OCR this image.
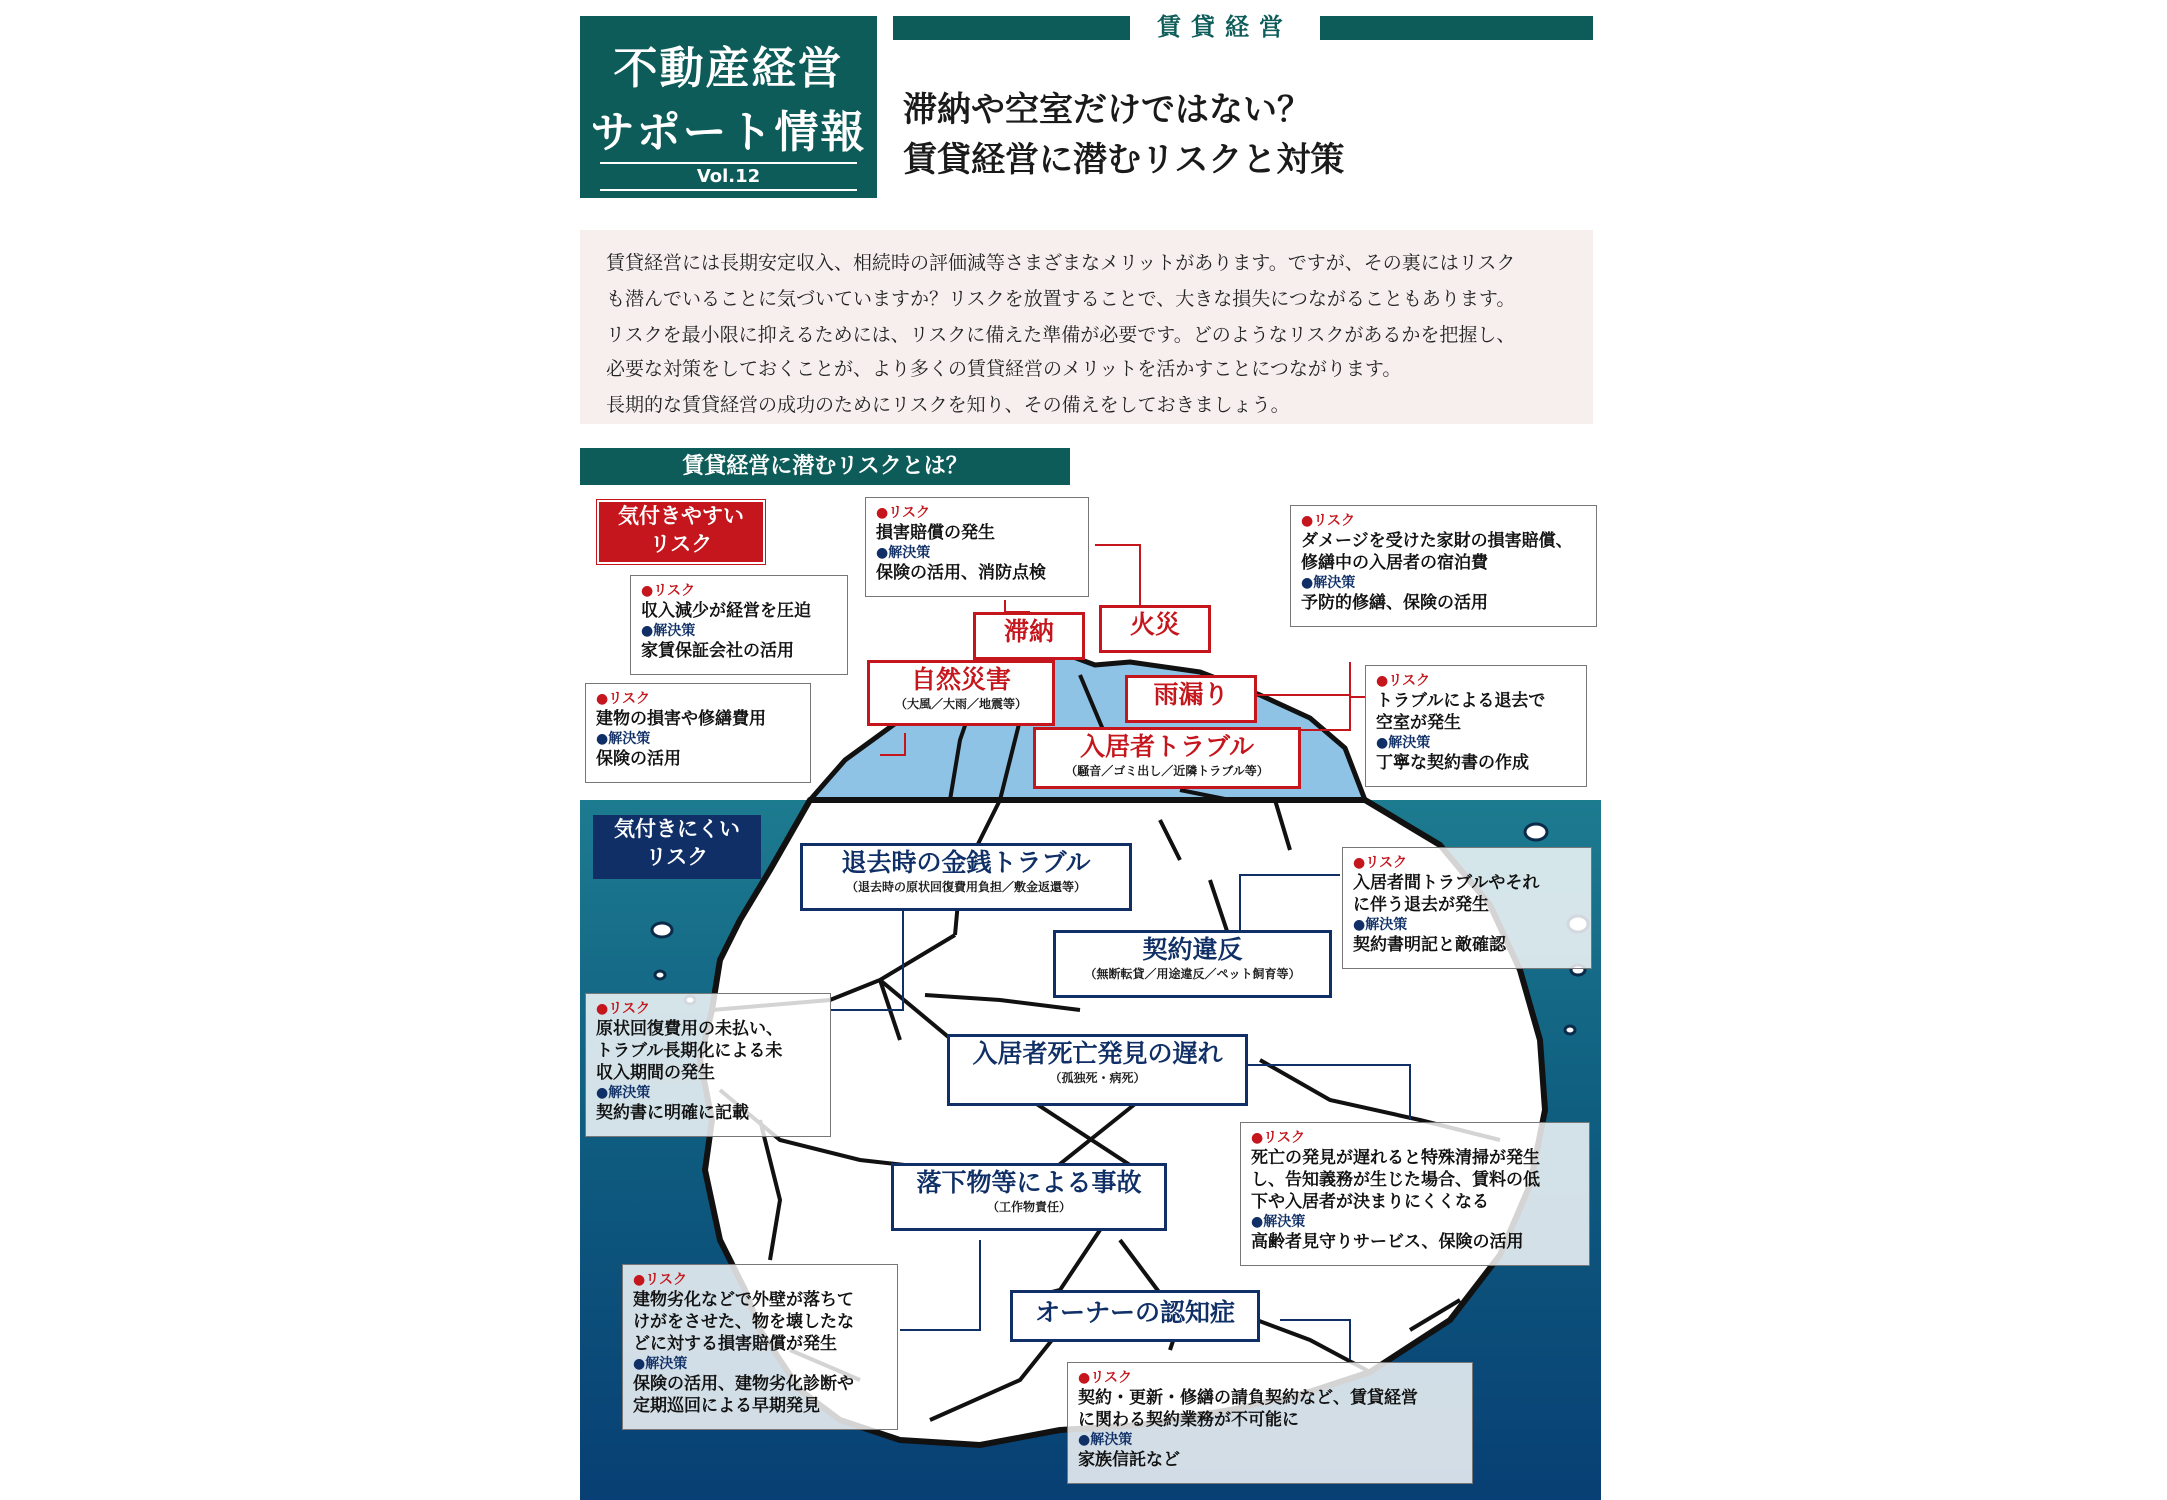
不動産経営
サポート情報
Vol.12
賃貸経営
滞納や空室だけではない？
賃貸経営に潜むリスクと対策
賃貸経営には長期安定収入、相続時の評価減等さまざまなメリットがあります。ですが、その裏にはリスク
も潜んでいることに気づいていますか？リスクを放置することで、大きな損失につながることもあります。
リスクを最小限に抑えるためには、リスクに備えた準備が必要です。どのようなリスクがあるかを把握し、
必要な対策をしておくことが、より多くの賃貸経営のメリットを活かすことにつながります。
長期的な賃貸経営の成功のためにリスクを知り、その備えをしておきましょう。
賃貸経営に潜むリスクとは？
気付きやすい
リスク
気付きにくい
リスク
滞納	火災
自然災害
（大風／大雨／地震等）	雨漏り
入居者トラブル
（騒音／ゴミ出し／近隣トラブル等）
退去時の金銭トラブル
（退去時の原状回復費用負担／敷金返還等）
契約違反
（無断転貸／用途違反／ペット飼育等）
入居者死亡発見の遅れ
（孤独死・病死）
落下物等による事故
（工作物責任）
オーナーの認知症
● リスク
損害賠償の発生
● 解決策
保険の活用、消防点検
● リスク
収入減少が経営を圧迫
● 解決策
家賃保証会社の活用
● リスク
建物の損害や修繕費用
● 解決策
保険の活用
● リスク
ダメージを受けた家財の損害賠償、
修繕中の入居者の宿泊費
● 解決策
予防的修繕、保険の活用
● リスク
トラブルによる退去で
空室が発生
● 解決策
丁寧な契約書の作成
● リスク
入居者間トラブルやそれ
に伴う退去が発生
● 解決策
契約書明記と敵確認
● リスク
原状回復費用の未払い、
トラブル長期化による未
収入期間の発生
● 解決策
契約書に明確に記載
● リスク
死亡の発見が遅れると特殊清掃が発生
し、告知義務が生じた場合、賃料の低
下や入居者が決まりにくくなる
● 解決策
高齢者見守りサービス、保険の活用
● リスク
建物劣化などで外壁が落ちて
けがをさせた、物を壊したな
どに対する損害賠償が発生
● 解決策
保険の活用、建物劣化診断や
定期巡回による早期発見
● リスク
契約・更新・修繕の請負契約など、賃貸経営
に関わる契約業務が不可能に
● 解決策
家族信託など
